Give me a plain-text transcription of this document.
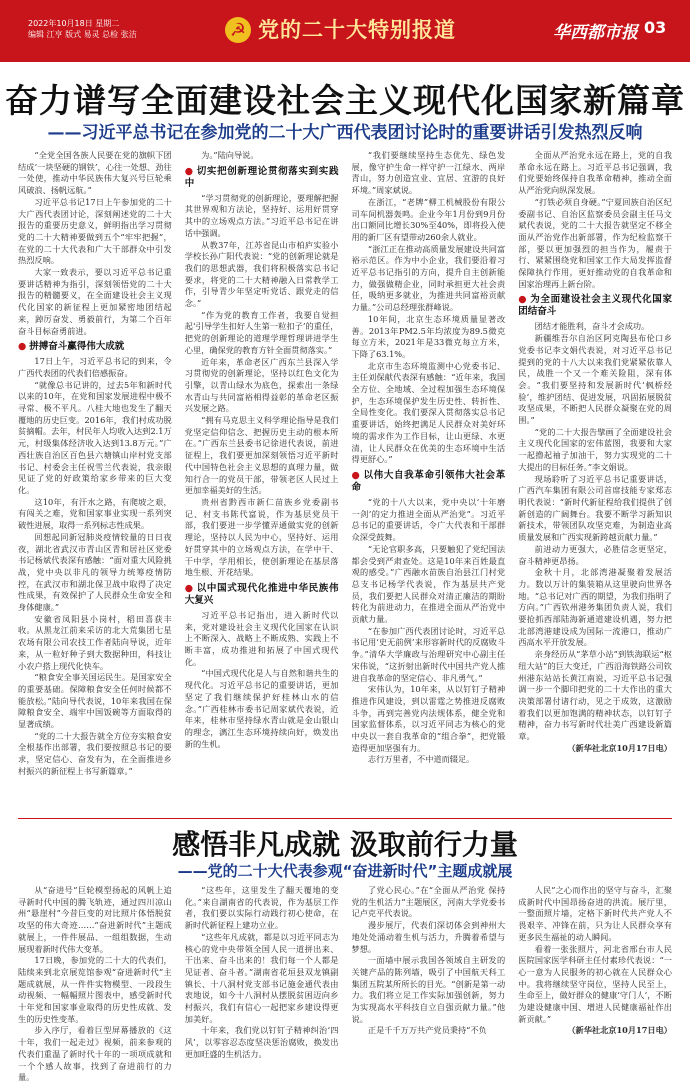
2022年10月18日 星期二
编辑 江亨 版式 易灵 总检 张洁	☭ 党的二十大特别报道	华西都市报 03
奋力谱写全面建设社会主义现代化国家新篇章
——习近平总书记在参加党的二十大广西代表团讨论时的重要讲话引发热烈反响

“全党全国各族人民要在党的旗帜下团结成‘一块坚硬的钢铁’，心往一处想、劲往一处使，推动中华民族伟大复兴号巨轮乘风破浪、扬帆远航。”

习近平总书记17日上午参加党的二十大广西代表团讨论，深刻阐述党的二十大报告的重要历史意义，鲜明指出学习贯彻党的二十大精神要做到五个“牢牢把握”，在党的二十大代表和广大干部群众中引发热烈反响。

大家一致表示，要以习近平总书记重要讲话精神为指引，深刻领悟党的二十大报告的精髓要义，在全面建设社会主义现代化国家的新征程上更加紧密地团结起来，踔厉奋发、勇毅前行，为第二个百年奋斗目标奋勇前进。

● 拼搏奋斗赢得伟大成就

17日上午，习近平总书记的到来，令广西代表团的代表们倍感振奋。

“就像总书记讲的，过去5年和新时代以来的10年，在党和国家发展进程中极不寻常、极不平凡。八桂大地也发生了翻天覆地的历史巨变。2016年，我们村成功脱贫摘帽。去年，村民年人均收入达到2.1万元，村级集体经济收入达到13.8万元。”广西壮族自治区百色县六塘镇山岸村党支部书记、村委会主任祝雪兰代表说，我亲眼见证了党的好政策给家乡带来的巨大变化。

这10年，有汗水之路，有爬坡之艰，有闯关之难，党和国家事业实现一系列突破性进展，取得一系列标志性成果。

回想起同新冠肺炎疫情较量的日日夜夜，湖北省武汉市青山区青和居社区党委书记杨斌代表深有感触：“面对重大风险挑战，党中央以非凡的领导力统筹疫情防控，在武汉市和湖北保卫战中取得了决定性成果，有效保护了人民群众生命安全和身体健康。”

安徽省凤阳县小岗村，稻田喜获丰收。从黑龙江前来采访的北大荒集团七星农场有限公司农技工作者陆向导说，近年来，从一粒好种子到大数据种田，科技让小农户搭上现代化快车。

“粮食安全事关国运民生。是国家安全的重要基础。保障粮食安全任何时候都不能放松。”陆向导代表说，10年来我国在保障粮食安全、端牢中国饭碗等方面取得的显著成绩。

“党的二十大报告就全方位夯实粮食安全根基作出部署，我们要按照总书记的要求，坚定信心、奋发有为，在全面推进乡村振兴的新征程上书写新篇章。”

为。”陆向导说。

● 切实把创新理论贯彻落实到实践中

“学习贯彻党的创新理论，要理解把握其世界观和方法论，坚持好、运用好贯穿其中的立场观点方法。”习近平总书记在讲话中强调。

从教37年，江苏省昆山市柏庐实验小学校长孙广阳代表说：“党的创新理论就是我们的思想武器，我们将积极落实总书记要求，将党的二十大精神融入日常教学工作，引导青少年坚定听党话、跟党走的信念。”

“作为党的教育工作者，我要自觉担起‘引导学生扣好人生第一粒扣子’的重任，把党的创新理论的道理学理哲理讲进学生心里，确保党的教育方针全面贯彻落实。”

近年来，革命老区广西东兰县深入学习贯彻党的创新理论，坚持以红色文化为引擎，以青山绿水为底色，探索出一条绿水青山与共同富裕相得益彰的革命老区振兴发展之路。

“拥有马克思主义科学理论指导是我们党坚定信仰信念、把握历史主动的根本所在。”广西东兰县委书记徐进代表说，前进征程上，我们要更加深刻领悟习近平新时代中国特色社会主义思想的真理力量，做知行合一的党员干部，带领老区人民过上更加幸福美好的生活。

贵州省黔西市新仁苗族乡党委副书记、村支书陈代富说，作为基层党员干部，我们要进一步学懂弄通做实党的创新理论，坚持以人民为中心，坚持好、运用好贯穿其中的立场观点方法，在学中干、干中学，学用相长，使创新理论在基层落地生根、开花结果。

● 以中国式现代化推进中华民族伟大复兴

习近平总书记指出，进入新时代以来，党对建设社会主义现代化国家在认识上不断深入、战略上不断成熟、实践上不断丰富，成功推进和拓展了中国式现代化。

“中国式现代化是人与自然和谐共生的现代化。习近平总书记的重要讲话，更加坚定了我们继续保护好桂林山水的信念。”广西桂林市委书记周家斌代表说，近年来，桂林市坚持绿水青山就是金山银山的理念，漓江生态环境持续向好，焕发出新的生机。

“我们要继续坚持生态优先、绿色发展，像守护生命一样守护一江绿水、两岸青山，努力创造宜业、宜居、宜游的良好环境。”周家斌说。

在浙江，“老牌”柳工机械股份有限公司车间机器轰鸣。企业今年1月份到9月份出口额同比增长30%至40%，即将投入使用的新厂区有望带动260余人就业。

“浙江正在推动高质量发展建设共同富裕示范区。作为中小企业，我们要沿着习近平总书记指引的方向，提升自主创新能力，做强做精企业，同时承担更大社会责任，吸纳更多就业，为推进共同富裕贡献力量。”公司总经理张群峰说。

10年间，北京生态环境质量显著改善。2013年PM2.5年均浓度为89.5微克每立方米，2021年是33微克每立方米，下降了63.1%。

北京市生态环境监测中心党委书记、主任刘保献代表深有感触：“近年来，我国全方位、全地域、全过程加强生态环境保护，生态环境保护发生历史性、转折性、全局性变化。我们要深入贯彻落实总书记重要讲话，始终把满足人民群众对美好环境的需求作为工作目标，让山更绿、水更清，让人民群众在优美的生态环境中生活得更舒心。”

● 以伟大自我革命引领伟大社会革命

“党的十八大以来，党中央以‘十年磨一剑’的定力推进全面从严治党”。习近平总书记的重要讲话，令广大代表和干部群众深受鼓舞。

“无论官职多高，只要触犯了党纪国法都会受到严肃查处。这是10年来百姓最直观的感受。”广西融水苗族自治县江门村党总支书记杨学代表说，作为基层共产党员，我们要把人民群众对清正廉洁的期盼转化为前进动力，在推进全面从严治党中贡献力量。

“在参加广西代表团讨论时，习近平总书记用‘史无前例’来形容新时代的反腐败斗争。”清华大学廉政与治理研究中心副主任宋伟说，“这折射出新时代中国共产党人推进自我革命的坚定信心、非凡勇气。”

宋伟认为，10年来，从以钉钉子精神推进作风建设，到以雷霆之势推进反腐败斗争，再到完善党内法规体系，健全党和国家监督体系，以习近平同志为核心的党中央以一套自我革命的“组合拳”，把党锻造得更加坚强有力。

志行万里者，不中道而辍足。

全面从严治党永远在路上，党的自我革命永远在路上。习近平总书记强调，我们党要始终保持自我革命精神，推动全面从严治党向纵深发展。

“打铁必须自身硬。”宁夏回族自治区纪委副书记、自治区监察委员会副主任马文斌代表说，党的二十大报告就坚定不移全面从严治党作出新部署，作为纪检监察干部，要以更加强烈的担当作为，履责于行、紧紧围绕党和国家工作大局发挥监督保障执行作用，更好推动党的自我革命和国家治理再上新台阶。

● 为全面建设社会主义现代化国家团结奋斗

团结才能胜利，奋斗才会成功。

新疆维吾尔自治区阿克陶县布伦口乡党委书记李文娟代表说，对习近平总书记提到的党的十八大以来我们党紧紧依靠人民，战胜一个又一个难关险阻，深有体会。“我们要坚持和发展新时代‘枫桥经验’，维护团结、促进发展，巩固拓展脱贫攻坚成果，不断把人民群众凝聚在党的周围。”

“党的二十大报告擘画了全面建设社会主义现代化国家的宏伟蓝图，我要和大家一起撸起袖子加油干，努力实现党的二十大提出的目标任务。”李文娟说。

现场聆听了习近平总书记重要讲话，广西汽车集团有限公司首席技能专家郑志明代表说：“新时代新征程给我们提供了创新创造的广阔舞台。我要不断学习新知识新技术，带领团队攻坚克难，为制造业高质量发展和广西实现新跨越贡献力量。”

前进动力更强大，必胜信念更坚定，奋斗精神更昂扬。

金秋十月，北部湾港凝聚着发展活力。数以万计的集装箱从这里驶向世界各地。“总书记对广西的期望，为我们指明了方向。”广西钦州港务集团负责人说，我们要抢抓西部陆海新通道建设机遇，努力把北部湾港建设成为国际一流港口，推动广西高水平开放发展。

亲身经历从“茅草小站”到铁海联运“枢纽大站”的巨大变迁，广西沿海铁路公司钦州港东站站长黄江南说，习近平总书记强调一步一个脚印把党的二十大作出的重大决策部署付诸行动，见之于成效，这激励着我们以更加饱满的精神状态，以钉钉子精神，奋力书写新时代壮美广西建设新篇章。

（新华社北京10月17日电）

感悟非凡成就 汲取前行力量
——党的二十大代表参观“奋进新时代”主题成就展

从“奋进号”巨轮模型扬起的风帆上追寻新时代中国的腾飞轨迹，通过四川凉山州“悬崖村”今昔巨变的对比照片体悟脱贫攻坚的伟大奇迹……“奋进新时代”主题成就展上，一件件展品、一组组数据，生动展现着新时代伟大变革。

17日晚，参加党的二十大的代表们，陆续来到北京展览馆参观“奋进新时代”主题成就展，从一件件实物模型、一段段生动视频、一幅幅照片图表中，感受新时代十年党和国家事业取得的历史性成就、发生的历史性变革。

步入序厅，看着巨型屏幕播放的《这十年，我们一起走过》视频，前来参观的代表们重温了新时代十年的一项项成就和一个个感人故事，找到了奋进前行的力量。

“这些年，这里发生了翻天覆地的变化。”来自湖南省的代表说，作为基层工作者，我们要以实际行动践行初心使命，在新时代新征程上建功立业。

“这些年凡成就，都是以习近平同志为核心的党中央带领全国人民一道拼出来、干出来、奋斗出来的！我们每一个人都是见证者、奋斗者。”湖南省花垣县双龙镇副镇长、十八洞村党支部书记施金通代表由衷地说，如今十八洞村从摆脱贫困迈向乡村振兴，我们有信心一起把家乡建设得更加美好。

十年来，我们党以钉钉子精神纠治‘四风’，以零容忍态度坚决惩治腐败，换发出更加旺盛的生机活力。

了党心民心。”在“全面从严治党 保持党的生机活力”主题展区，河南大学党委书记卢克平代表说。

漫步展厅，代表们深切体会到神州大地处处涌动着生机与活力，升腾着希望与梦想。

一面墙中展示我国各领域自主研发的关键产品的陈列墙，吸引了中国航天科工集团五院某所所长的目光。“创新是第一动力。我们将立足工作实际加强创新，努力为实现高水平科技自立自强贡献力量。”他说。

正是千千万万共产党员秉持“不负

人民”之心而作出的坚守与奋斗，汇聚成新时代中国昂扬奋进的洪流。展厅里，一整面照片墙，定格下新时代共产党人不畏艰辛、冲锋在前，只为让人民群众享有更多民生福祉的动人瞬间。

看着一张张照片，河北省邢台市人民医院国家医学科研主任付素珍代表说：“一心一意为人民服务的初心就在人民群众心中。我将继续坚守岗位，坚持人民至上，生命至上，做好群众的健康‘守门人’，不断为建设健康中国、增进人民健康福祉作出新贡献。”

（新华社北京10月17日电）
